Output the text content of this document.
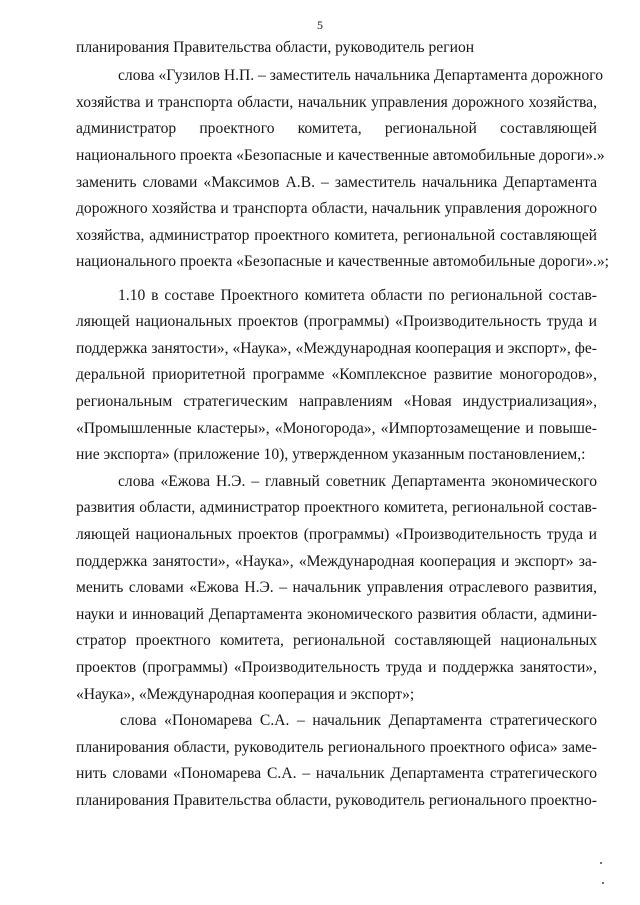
5
планирования Правительства области, руководитель регион
слова «Гузилов Н.П. – заместитель начальника Департамента дорожного
хозяйства и транспорта области, начальник управления дорожного хозяйства,
администратор проектного комитета, региональной составляющей
национального проекта «Безопасные и качественные автомобильные дороги».»
заменить словами «Максимов А.В. – заместитель начальника Департамента
дорожного хозяйства и транспорта области, начальник управления дорожного
хозяйства, администратор проектного комитета, региональной составляющей
национального проекта «Безопасные и качественные автомобильные дороги».»;
1.10 в составе Проектного комитета области по региональной состав-
ляющей национальных проектов (программы) «Производительность труда и
поддержка занятости», «Наука», «Международная кооперация и экспорт», фе-
деральной приоритетной программе «Комплексное развитие моногородов»,
региональным стратегическим направлениям «Новая индустриализация»,
«Промышленные кластеры», «Моногорода», «Импортозамещение и повыше-
ние экспорта» (приложение 10), утвержденном указанным постановлением,:
слова «Ежова Н.Э. – главный советник Департамента экономического
развития области, администратор проектного комитета, региональной состав-
ляющей национальных проектов (программы) «Производительность труда и
поддержка занятости», «Наука», «Международная кооперация и экспорт» за-
менить словами «Ежова Н.Э. – начальник управления отраслевого развития,
науки и инноваций Департамента экономического развития области, админи-
стратор проектного комитета, региональной составляющей национальных
проектов (программы) «Производительность труда и поддержка занятости»,
«Наука», «Международная кооперация и экспорт»;
слова «Пономарева С.А. – начальник Департамента стратегического
планирования области, руководитель регионального проектного офиса» заме-
нить словами «Пономарева С.А. – начальник Департамента стратегического
планирования Правительства области, руководитель регионального проектно-
